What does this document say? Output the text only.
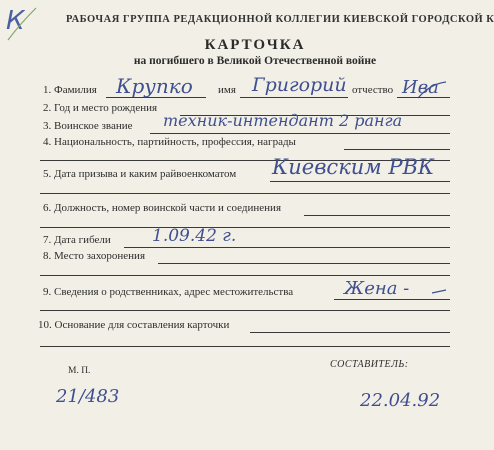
К	РАБОЧАЯ ГРУППА РЕДАКЦИОННОЙ КОЛЛЕГИИ КИЕВСКОЙ ГОРОДСКОЙ К
КАРТОЧКА
на погибшего в Великой Отечественной войне
1. Фамилия Крупко имя Григорий отчество Ива
2. Год и место рождения
3. Воинское звание техник-интендант 2 ранга
4. Национальность, партийность, профессия, награды
5. Дата призыва и каким райвоенкоматом Киевским РВК
6. Должность, номер воинской части и соединения
7. Дата гибели 1.09.42 г.
8. Место захоронения
9. Сведения о родственниках, адрес местожительства	Жена -
10. Основание для составления карточки
М. П.
СОСТАВИТЕЛЬ:
21/483	22.04.92
